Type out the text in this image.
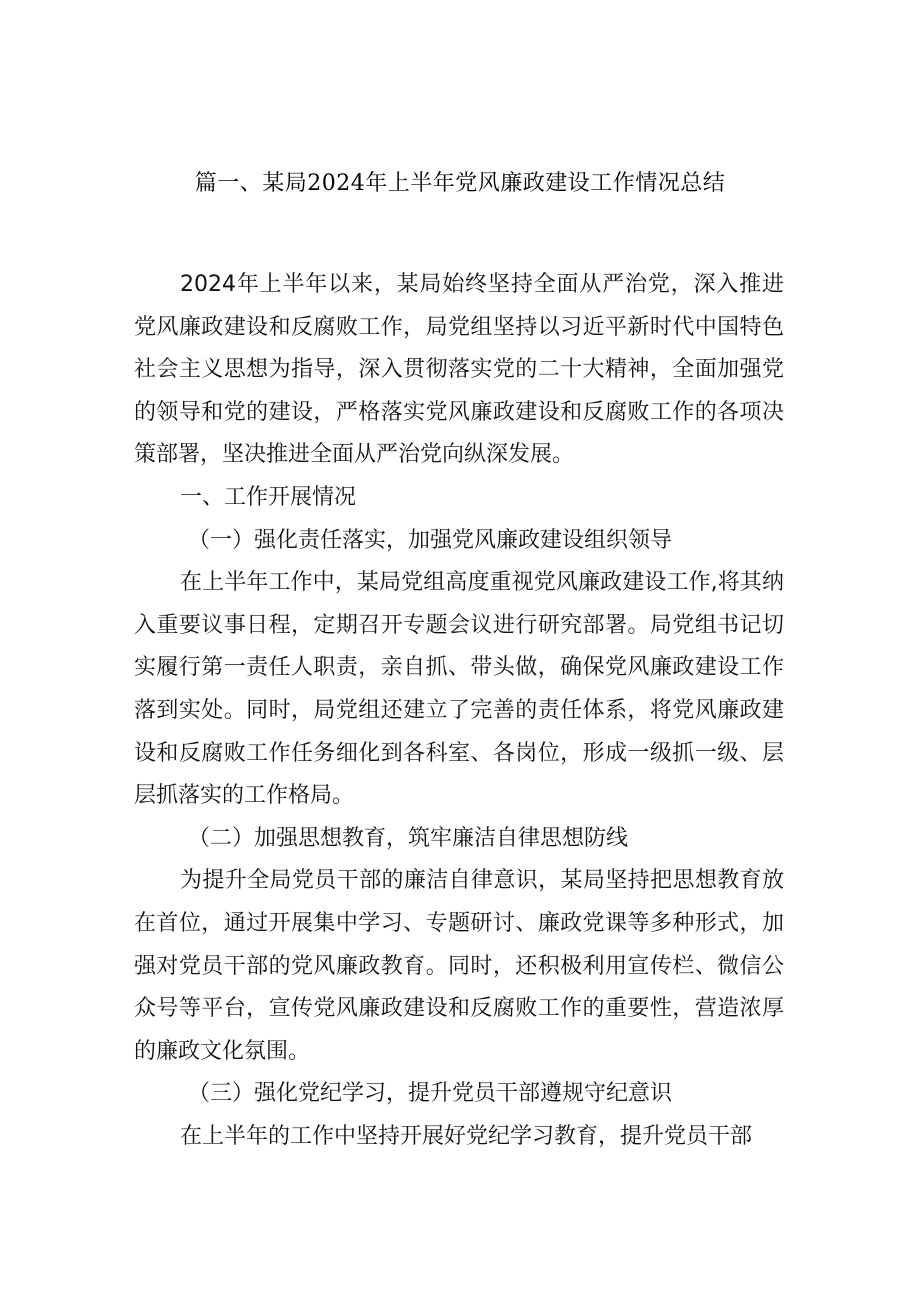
篇一、某局2024年上半年党风廉政建设工作情况总结

2024年上半年以来，某局始终坚持全面从严治党，深入推进党风廉政建设和反腐败工作，局党组坚持以习近平新时代中国特色社会主义思想为指导，深入贯彻落实党的二十大精神，全面加强党的领导和党的建设，严格落实党风廉政建设和反腐败工作的各项决策部署，坚决推进全面从严治党向纵深发展。

一、工作开展情况

（一）强化责任落实，加强党风廉政建设组织领导

在上半年工作中，某局党组高度重视党风廉政建设工作,将其纳入重要议事日程，定期召开专题会议进行研究部署。局党组书记切实履行第一责任人职责，亲自抓、带头做，确保党风廉政建设工作落到实处。同时，局党组还建立了完善的责任体系，将党风廉政建设和反腐败工作任务细化到各科室、各岗位，形成一级抓一级、层层抓落实的工作格局。

（二）加强思想教育，筑牢廉洁自律思想防线

为提升全局党员干部的廉洁自律意识，某局坚持把思想教育放在首位，通过开展集中学习、专题研讨、廉政党课等多种形式，加强对党员干部的党风廉政教育。同时，还积极利用宣传栏、微信公众号等平台，宣传党风廉政建设和反腐败工作的重要性，营造浓厚的廉政文化氛围。

（三）强化党纪学习，提升党员干部遵规守纪意识

在上半年的工作中坚持开展好党纪学习教育，提升党员干部
